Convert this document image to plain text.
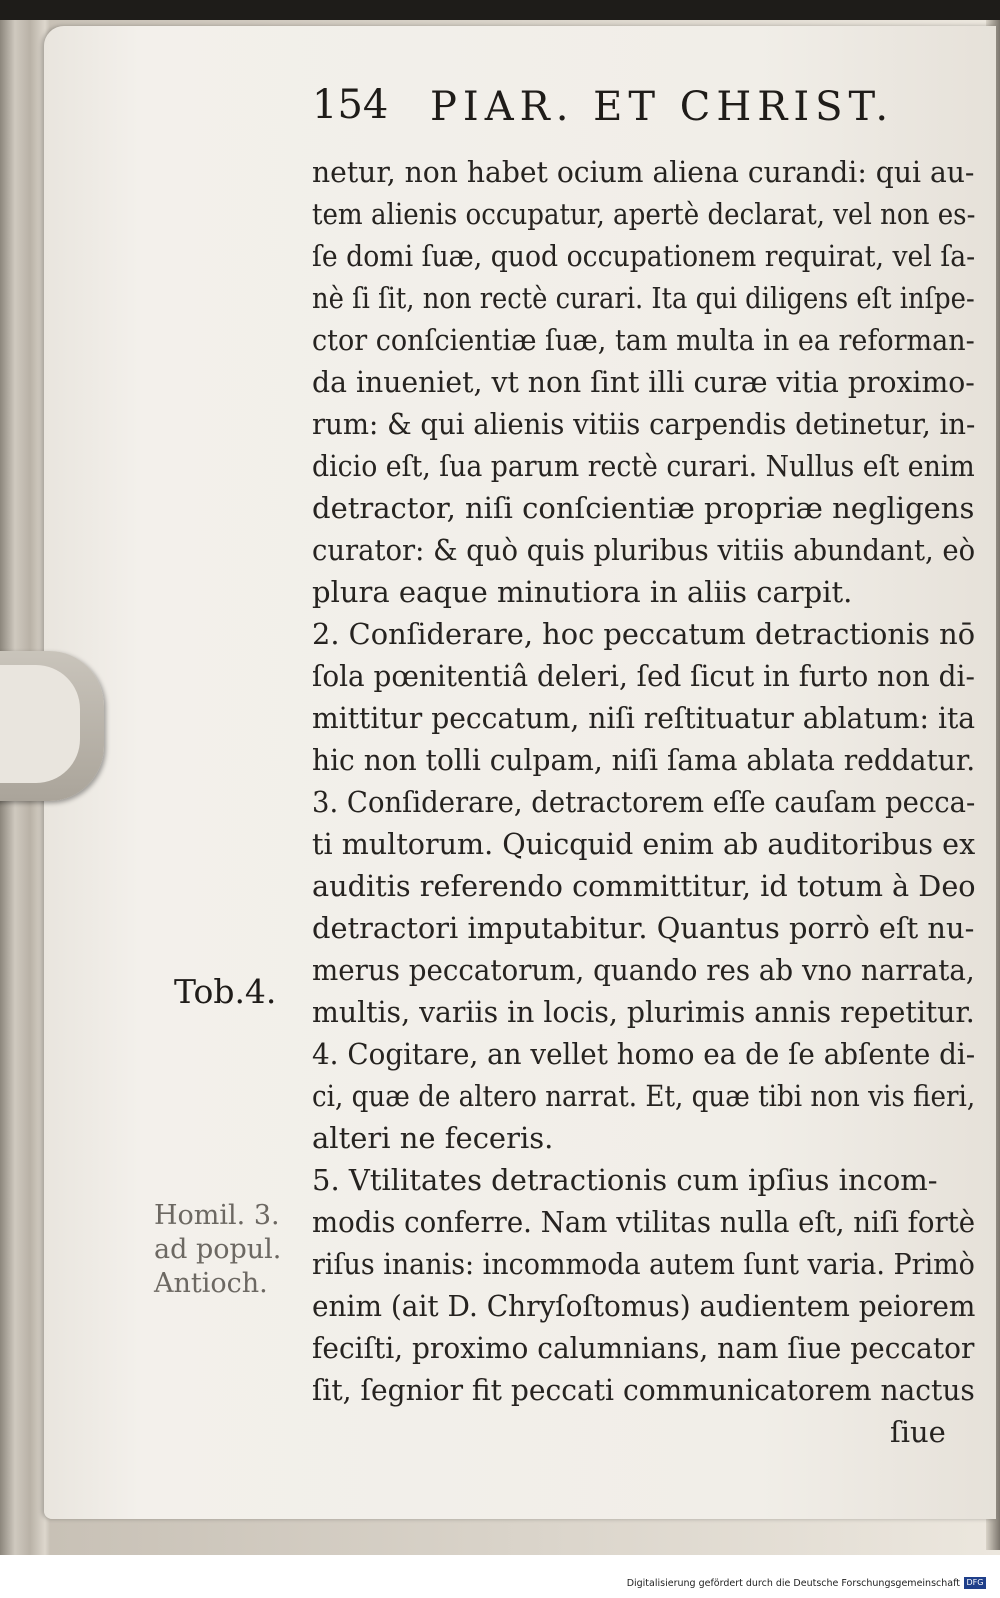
154 PIAR. ET CHRIST.
netur, non habet ocium aliena curandi: qui au-
tem alienis occupatur, apertè declarat, vel non es-
ſe domi ſuæ, quod occupationem requirat, vel ſa-
nè ſi ſit, non rectè curari. Ita qui diligens eſt inſpe-
ctor conſcientiæ ſuæ, tam multa in ea reforman-
da inueniet, vt non ſint illi curæ vitia proximo-
rum: & qui alienis vitiis carpendis detinetur, in-
dicio eſt, ſua parum rectè curari. Nullus eſt enim
detractor, niſi conſcientiæ propriæ negligens
curator: & quò quis pluribus vitiis abundant, eò
plura eaque minutiora in aliis carpit.
2. Conſiderare, hoc peccatum detractionis nō
ſola pœnitentiâ deleri, ſed ſicut in furto non di-
mittitur peccatum, niſi reſtituatur ablatum: ita
hic non tolli culpam, niſi ſama ablata reddatur.
3. Conſiderare, detractorem eſſe cauſam pecca-
ti multorum. Quicquid enim ab auditoribus ex
auditis referendo committitur, id totum à Deo
detractori imputabitur. Quantus porrò eſt nu-
merus peccatorum, quando res ab vno narrata,
multis, variis in locis, plurimis annis repetitur.
4. Cogitare, an vellet homo ea de ſe abſente di-
ci, quæ de altero narrat. Et, quæ tibi non vis fieri,
alteri ne feceris.
5. Vtilitates detractionis cum ipſius incom-
modis conferre. Nam vtilitas nulla eſt, niſi fortè
riſus inanis: incommoda autem ſunt varia. Primò
enim (ait D. Chryſoſtomus) audientem peiorem
feciſti, proximo calumnians, nam ſiue peccator
ſit, ſegnior fit peccati communicatorem nactus
ſiue
Tob.4.
Homil. 3.
ad popul.
Antioch.
Digitalisierung gefördert durch die Deutsche Forschungsgemeinschaft DFG
